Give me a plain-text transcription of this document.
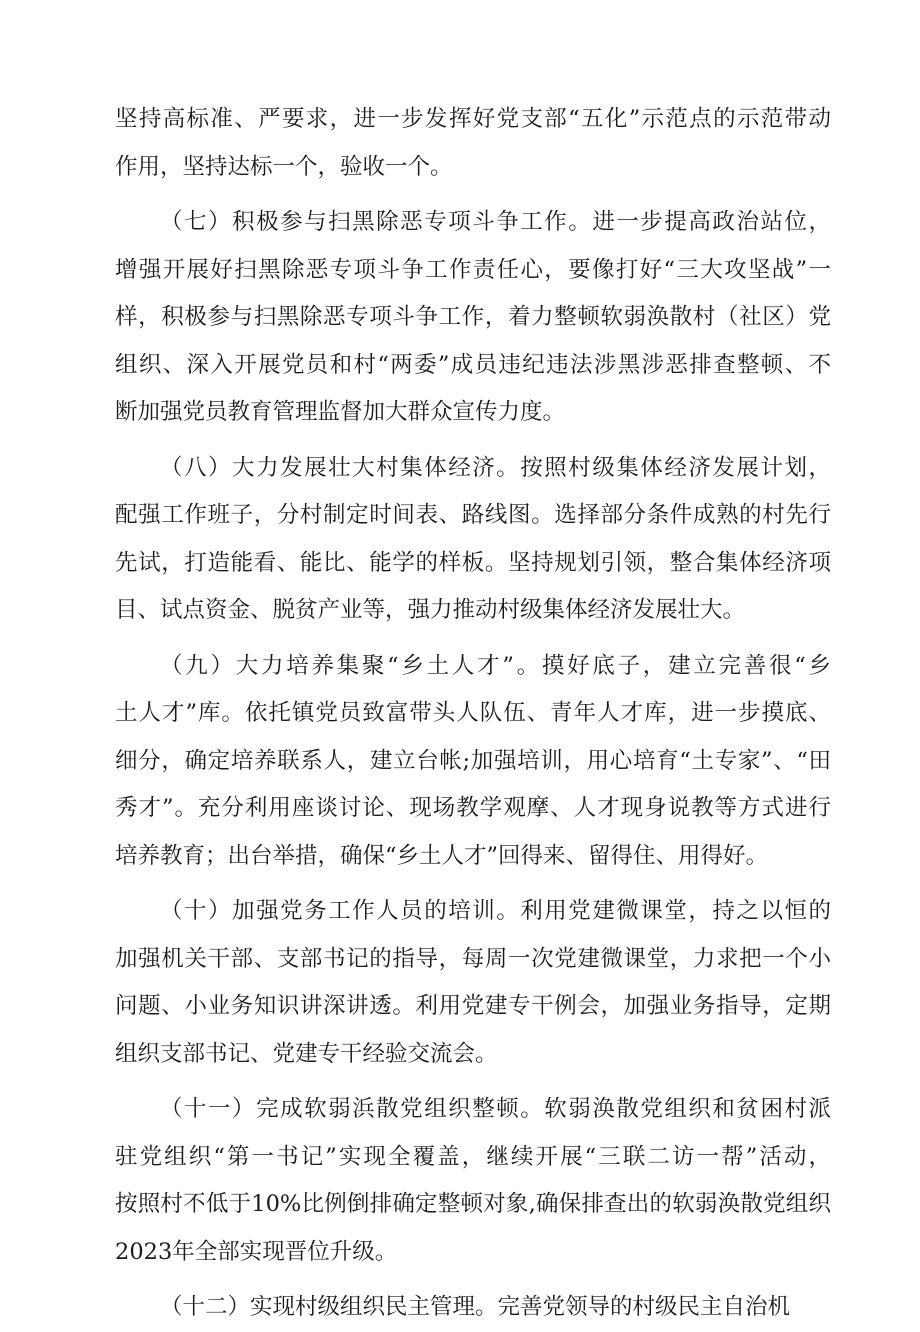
坚持高标准、严要求，进一步发挥好党支部“五化”示范点的示范带动
作用，坚持达标一个，验收一个。
（七）积极参与扫黑除恶专项斗争工作。进一步提高政治站位，
增强开展好扫黑除恶专项斗争工作责任心，要像打好“三大攻坚战”一
样，积极参与扫黑除恶专项斗争工作，着力整顿软弱涣散村（社区）党
组织、深入开展党员和村“两委”成员违纪违法涉黑涉恶排查整顿、不
断加强党员教育管理监督加大群众宣传力度。
（八）大力发展壮大村集体经济。按照村级集体经济发展计划，
配强工作班子，分村制定时间表、路线图。选择部分条件成熟的村先行
先试，打造能看、能比、能学的样板。坚持规划引领，整合集体经济项
目、试点资金、脱贫产业等，强力推动村级集体经济发展壮大。
（九）大力培养集聚“乡土人才”。摸好底子，建立完善很“乡
土人才”库。依托镇党员致富带头人队伍、青年人才库，进一步摸底、
细分，确定培养联系人，建立台帐;加强培训，用心培育“土专家”、“田
秀才”。充分利用座谈讨论、现场教学观摩、人才现身说教等方式进行
培养教育；出台举措，确保“乡土人才”回得来、留得住、用得好。
（十）加强党务工作人员的培训。利用党建微课堂，持之以恒的
加强机关干部、支部书记的指导，每周一次党建微课堂，力求把一个小
问题、小业务知识讲深讲透。利用党建专干例会，加强业务指导，定期
组织支部书记、党建专干经验交流会。
（十一）完成软弱浜散党组织整顿。软弱涣散党组织和贫困村派
驻党组织“第一书记”实现全覆盖，继续开展“三联二访一帮”活动，
按照村不低于10%比例倒排确定整顿对象,确保排查出的软弱涣散党组织
2023年全部实现晋位升级。
（十二）实现村级组织民主管理。完善党领导的村级民主自治机
